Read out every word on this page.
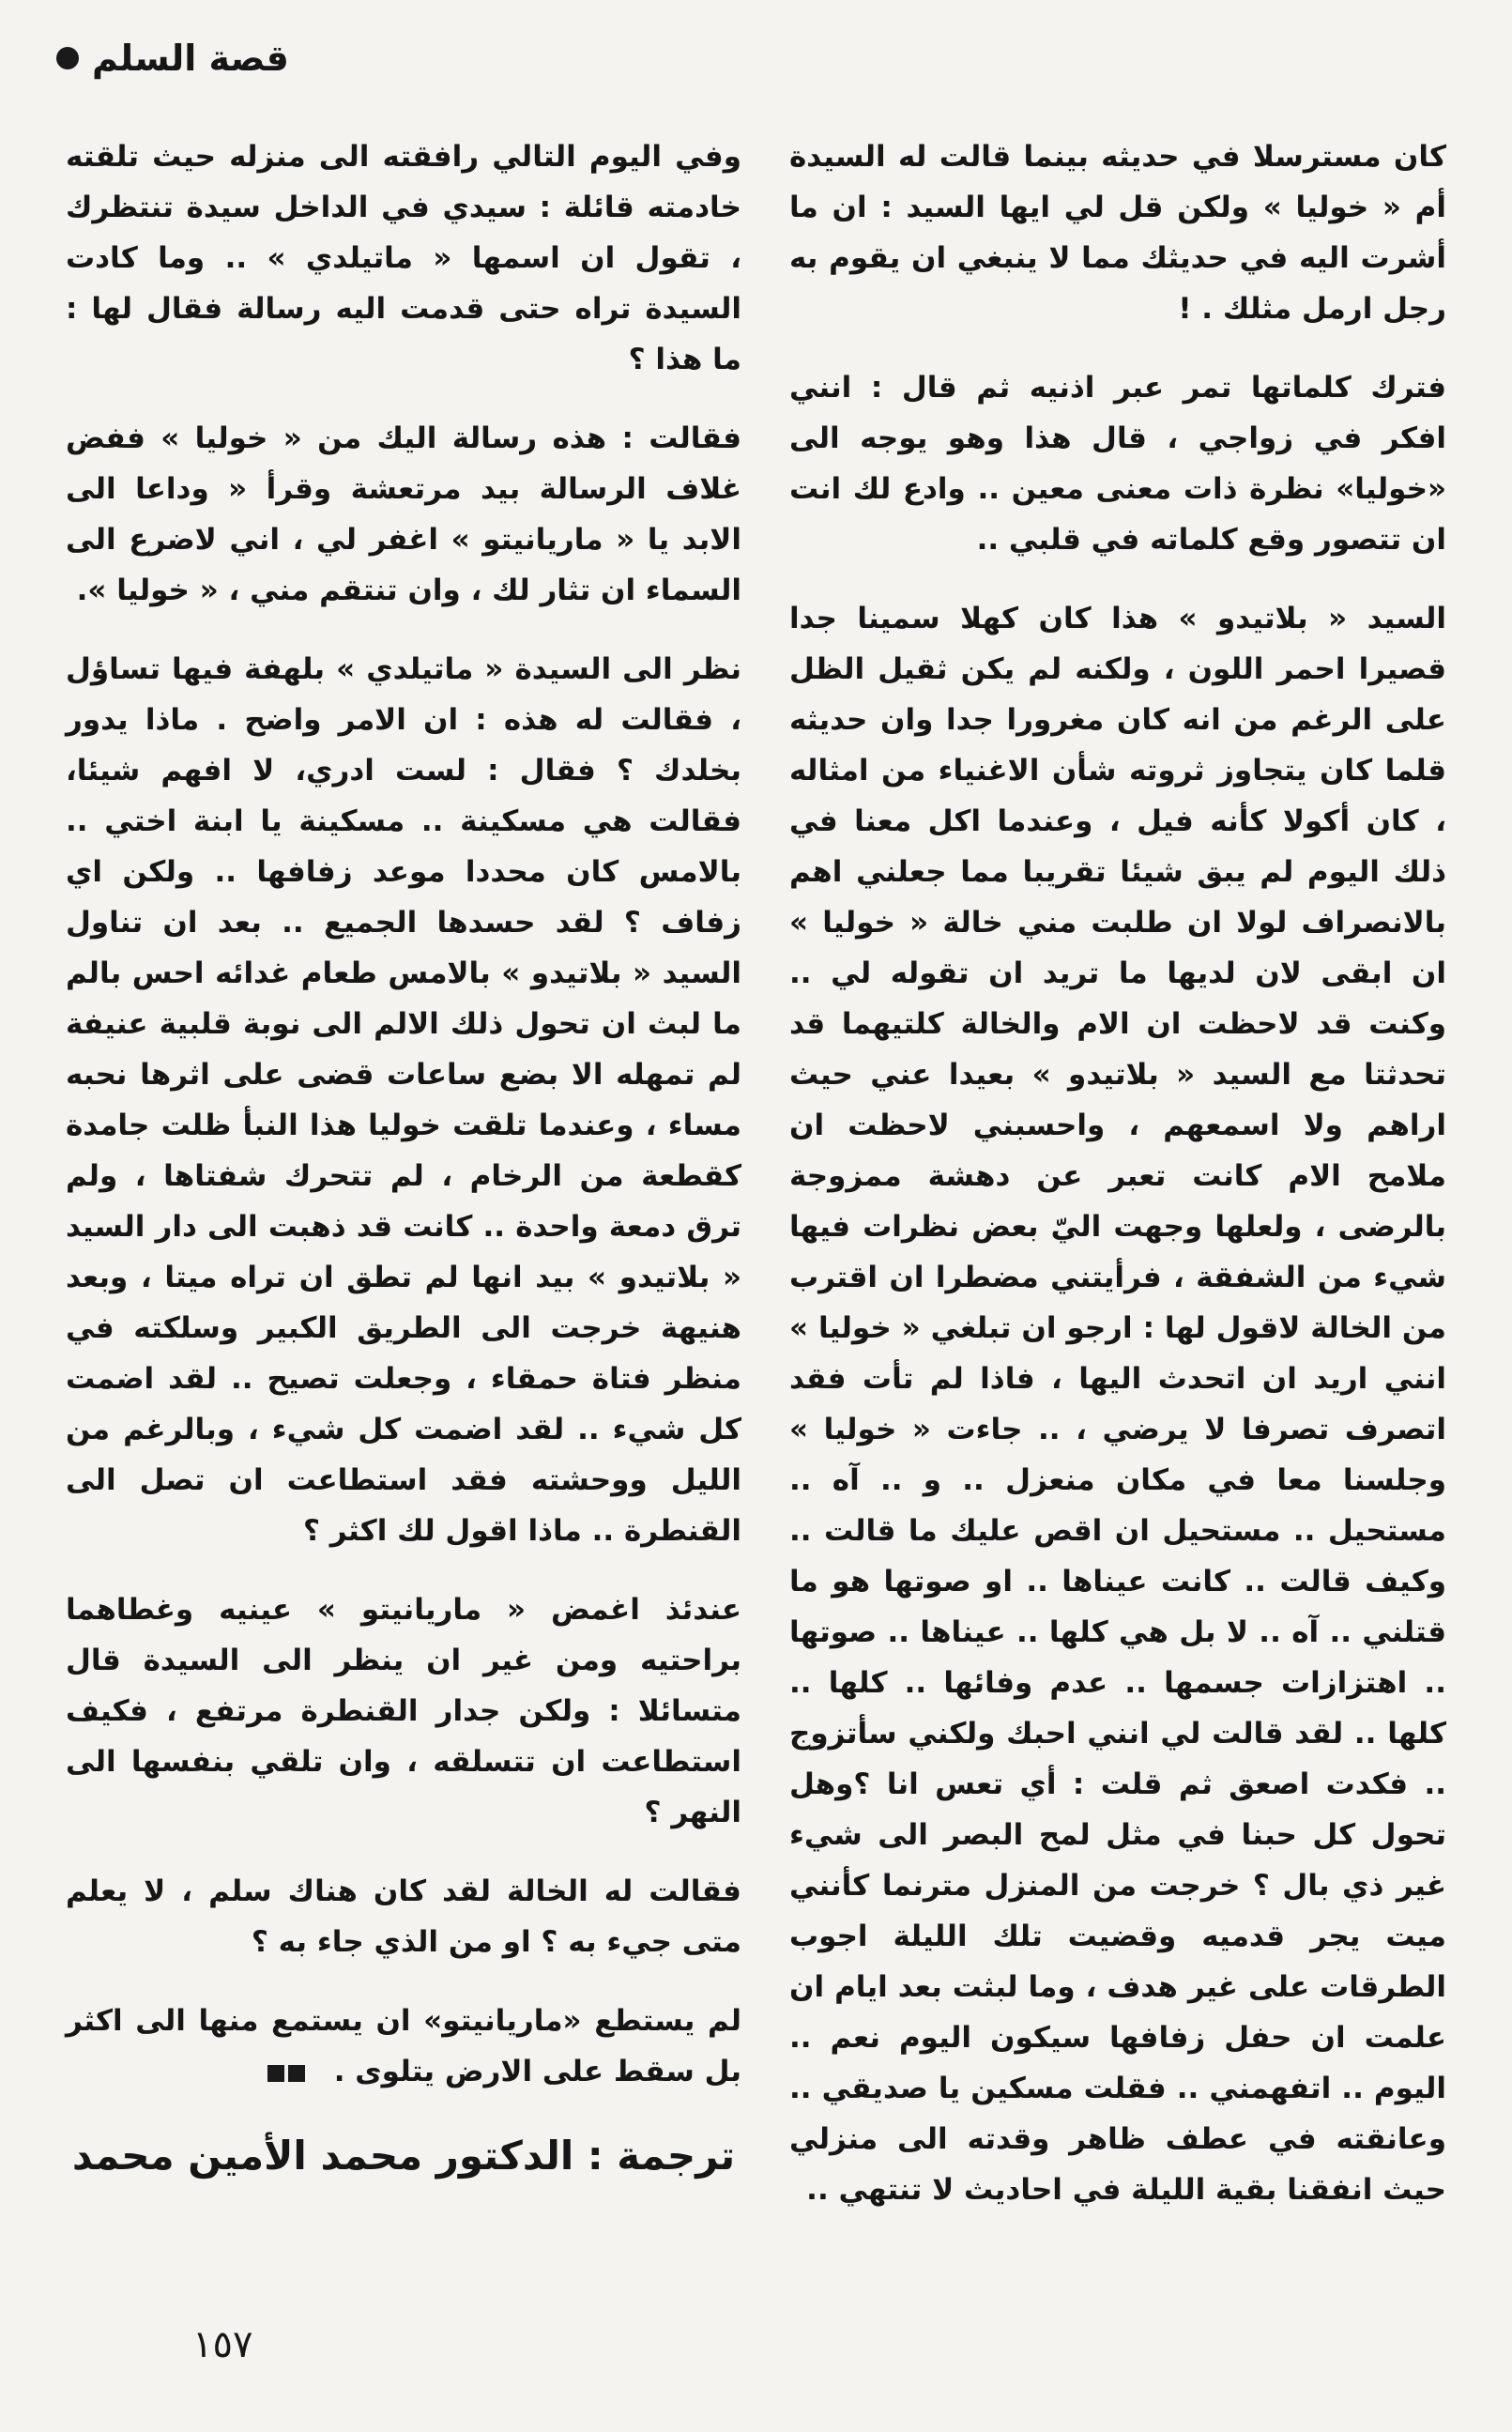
قصة السلم

كان مسترسلا في حديثه بينما قالت له السيدة أم « خوليا » ولكن قل لي ايها السيد : ان ما أشرت اليه في حديثك مما لا ينبغي ان يقوم به رجل ارمل مثلك . !

فترك كلماتها تمر عبر اذنيه ثم قال : انني افكر في زواجي ، قال هذا وهو يوجه الى «خوليا» نظرة ذات معنى معين .. وادع لك انت ان تتصور وقع كلماته في قلبي ..

السيد « بلاتيدو » هذا كان كهلا سمينا جدا قصيرا احمر اللون ، ولكنه لم يكن ثقيل الظل على الرغم من انه كان مغرورا جدا وان حديثه قلما كان يتجاوز ثروته شأن الاغنياء من امثاله ، كان أكولا كأنه فيل ، وعندما اكل معنا في ذلك اليوم لم يبق شيئا تقريبا مما جعلني اهم بالانصراف لولا ان طلبت مني خالة « خوليا » ان ابقى لان لديها ما تريد ان تقوله لي .. وكنت قد لاحظت ان الام والخالة كلتيهما قد تحدثتا مع السيد « بلاتيدو » بعيدا عني حيث اراهم ولا اسمعهم ، واحسبني لاحظت ان ملامح الام كانت تعبر عن دهشة ممزوجة بالرضى ، ولعلها وجهت اليّ بعض نظرات فيها شيء من الشفقة ، فرأيتني مضطرا ان اقترب من الخالة لاقول لها : ارجو ان تبلغي « خوليا » انني اريد ان اتحدث اليها ، فاذا لم تأت فقد اتصرف تصرفا لا يرضي ، .. جاءت « خوليا » وجلسنا معا في مكان منعزل .. و .. آه .. مستحيل .. مستحيل ان اقص عليك ما قالت .. وكيف قالت .. كانت عيناها .. او صوتها هو ما قتلني .. آه .. لا بل هي كلها .. عيناها .. صوتها .. اهتزازات جسمها .. عدم وفائها .. كلها .. كلها .. لقد قالت لي انني احبك ولكني سأتزوج .. فكدت اصعق ثم قلت : أي تعس انا ؟وهل تحول كل حبنا في مثل لمح البصر الى شيء غير ذي بال ؟ خرجت من المنزل مترنما كأنني ميت يجر قدميه وقضيت تلك الليلة اجوب الطرقات على غير هدف ، وما لبثت بعد ايام ان علمت ان حفل زفافها سيكون اليوم نعم .. اليوم .. اتفهمني .. فقلت مسكين يا صديقي .. وعانقته في عطف ظاهر وقدته الى منزلي حيث انفقنا بقية الليلة في احاديث لا تنتهي ..

وفي اليوم التالي رافقته الى منزله حيث تلقته خادمته قائلة : سيدي في الداخل سيدة تنتظرك ، تقول ان اسمها « ماتيلدي » .. وما كادت السيدة تراه حتى قدمت اليه رسالة فقال لها : ما هذا ؟

فقالت : هذه رسالة اليك من « خوليا » ففض غلاف الرسالة بيد مرتعشة وقرأ « وداعا الى الابد يا « ماريانيتو » اغفر لي ، اني لاضرع الى السماء ان تثار لك ، وان تنتقم مني ، « خوليا ».

نظر الى السيدة « ماتيلدي » بلهفة فيها تساؤل ، فقالت له هذه : ان الامر واضح . ماذا يدور بخلدك ؟ فقال : لست ادري، لا افهم شيئا، فقالت هي مسكينة .. مسكينة يا ابنة اختي .. بالامس كان محددا موعد زفافها .. ولكن اي زفاف ؟ لقد حسدها الجميع .. بعد ان تناول السيد « بلاتيدو » بالامس طعام غدائه احس بالم ما لبث ان تحول ذلك الالم الى نوبة قلبية عنيفة لم تمهله الا بضع ساعات قضى على اثرها نحبه مساء ، وعندما تلقت خوليا هذا النبأ ظلت جامدة كقطعة من الرخام ، لم تتحرك شفتاها ، ولم ترق دمعة واحدة .. كانت قد ذهبت الى دار السيد « بلاتيدو » بيد انها لم تطق ان تراه ميتا ، وبعد هنيهة خرجت الى الطريق الكبير وسلكته في منظر فتاة حمقاء ، وجعلت تصيح .. لقد اضمت كل شيء .. لقد اضمت كل شيء ، وبالرغم من الليل ووحشته فقد استطاعت ان تصل الى القنطرة .. ماذا اقول لك اكثر ؟

عندئذ اغمض « ماريانيتو » عينيه وغطاهما براحتيه ومن غير ان ينظر الى السيدة قال متسائلا : ولكن جدار القنطرة مرتفع ، فكيف استطاعت ان تتسلقه ، وان تلقي بنفسها الى النهر ؟

فقالت له الخالة لقد كان هناك سلم ، لا يعلم متى جيء به ؟ او من الذي جاء به ؟

لم يستطع «ماريانيتو» ان يستمع منها الى اكثر بل سقط على الارض يتلوى .

ترجمة : الدكتور محمد الأمين محمد
١٥٧
